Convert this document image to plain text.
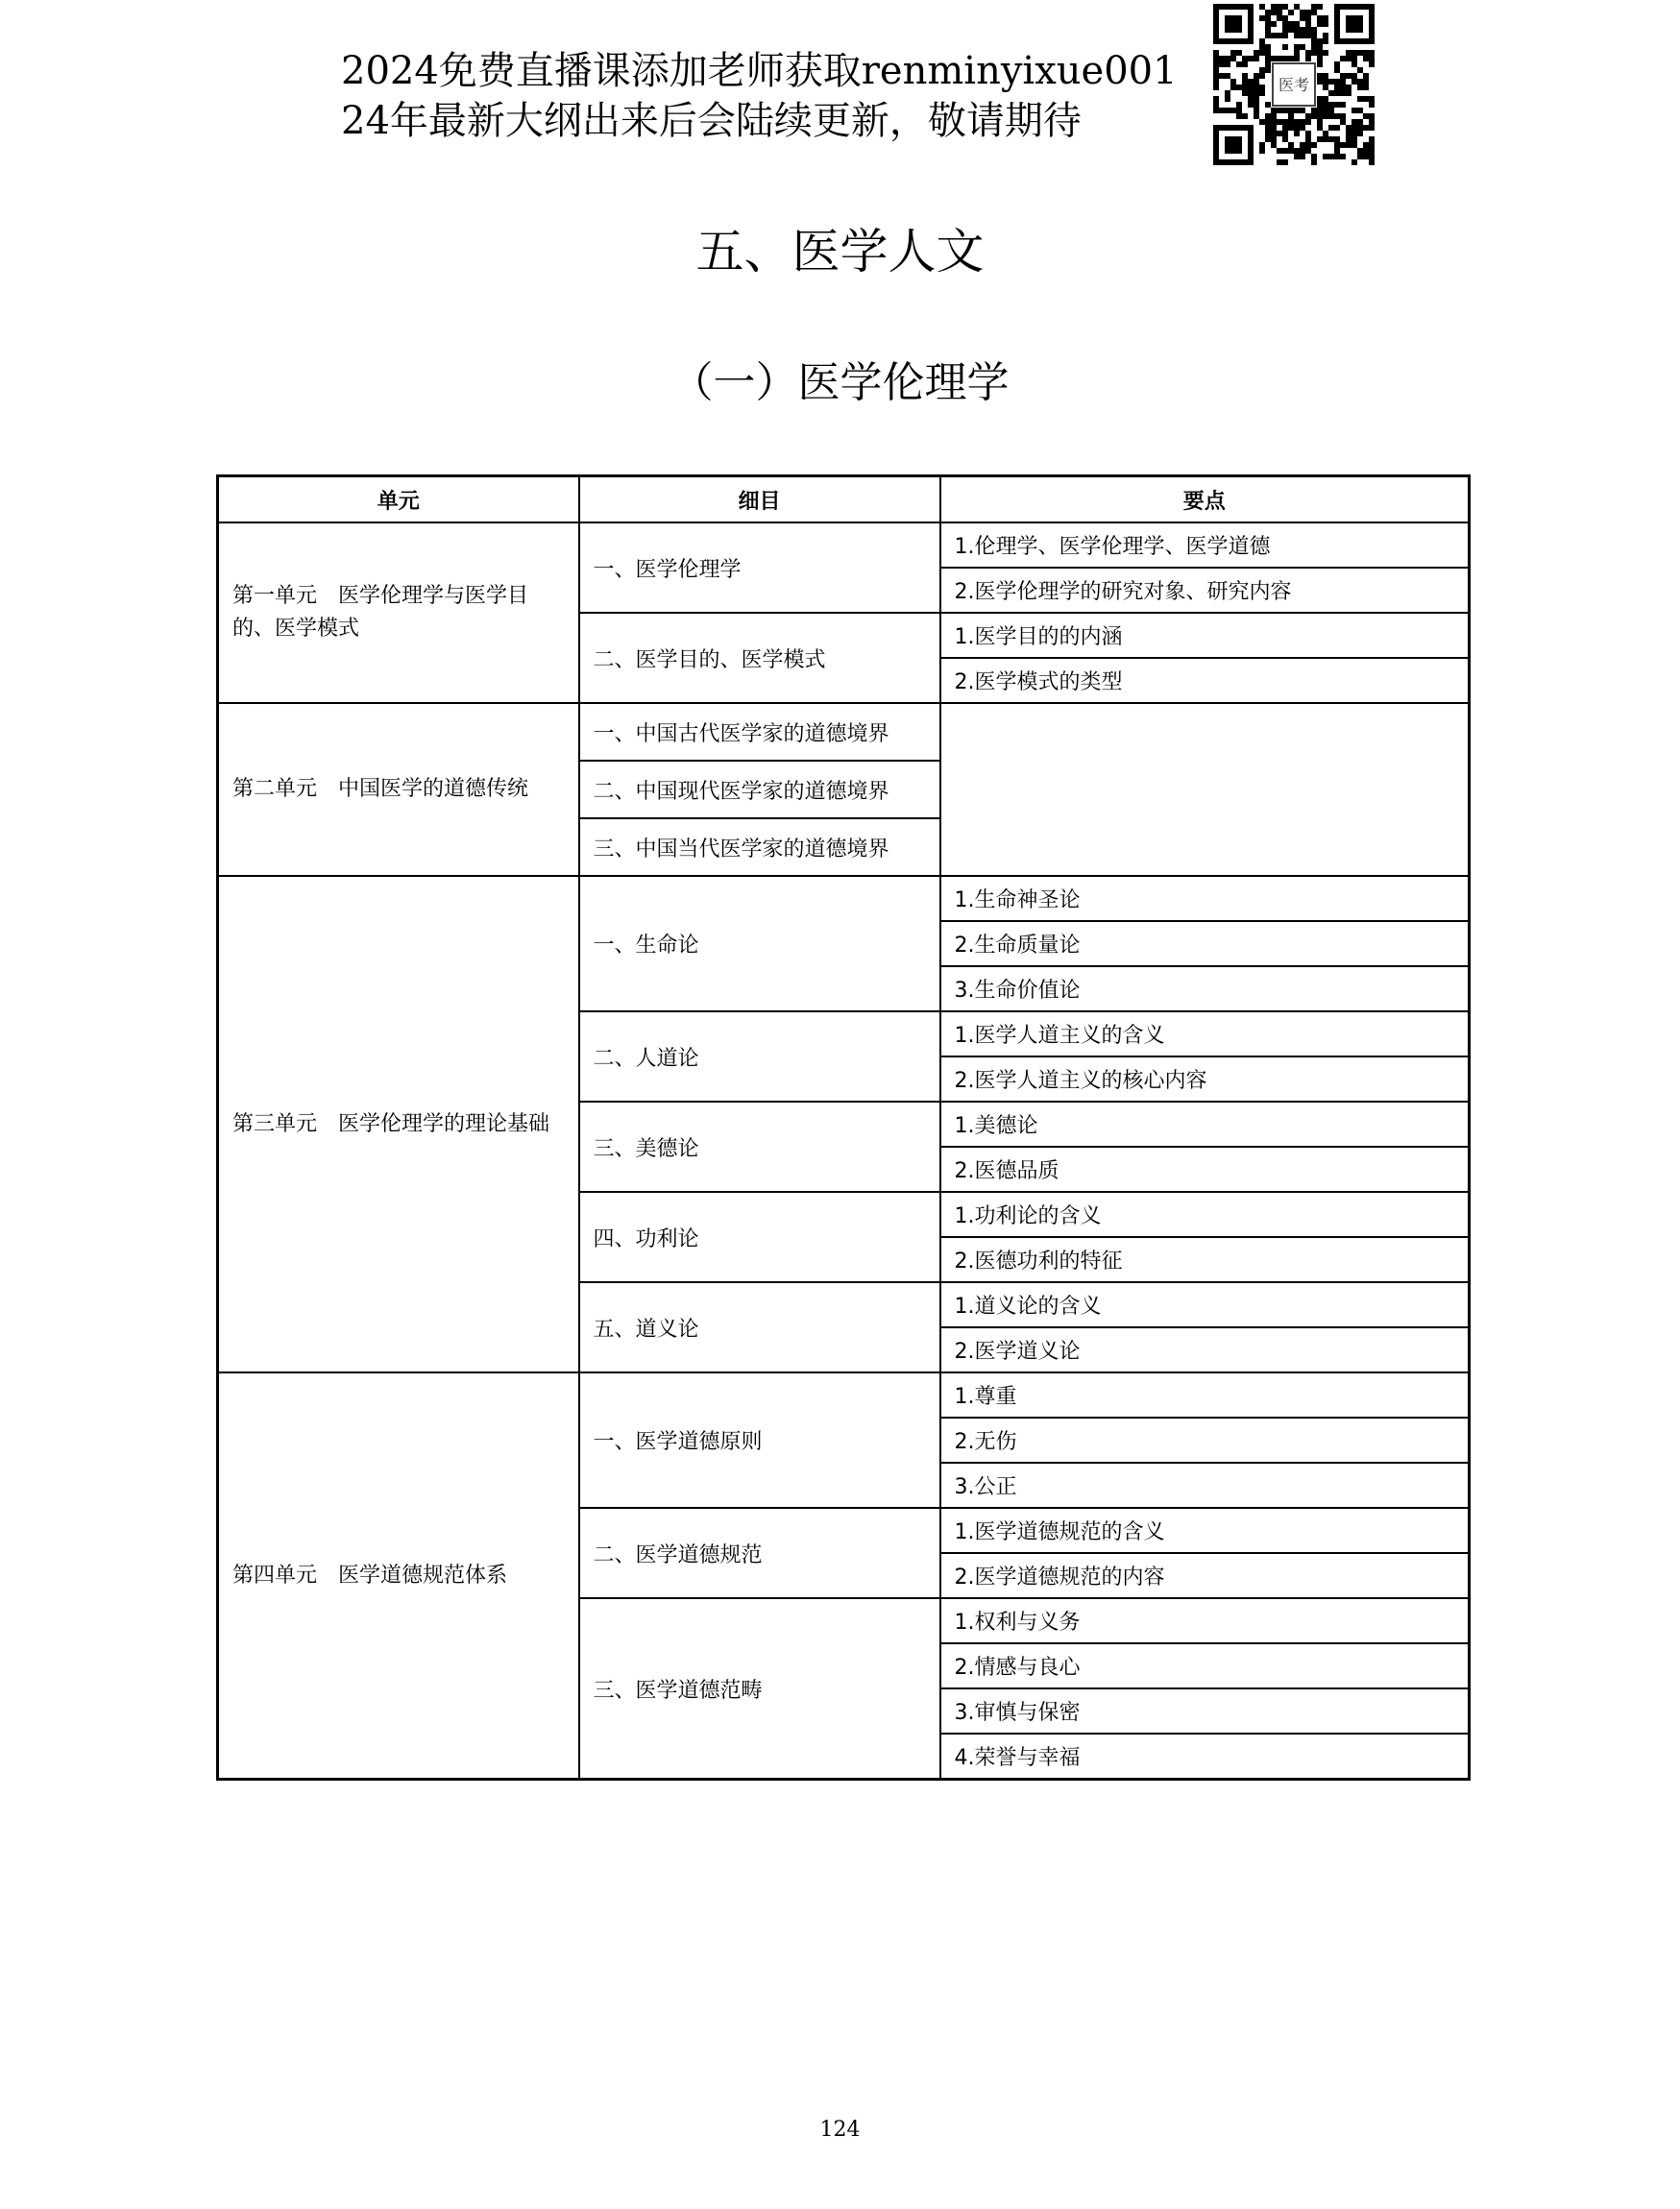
2024免费直播课添加老师获取renminyixue001
24年最新大纲出来后会陆续更新，敬请期待
医考
五、医学人文
（一）医学伦理学
单元	细目	要点
第一单元　医学伦理学与医学目的、医学模式	一、医学伦理学	1.伦理学、医学伦理学、医学道德
		2.医学伦理学的研究对象、研究内容
	二、医学目的、医学模式	1.医学目的的内涵
		2.医学模式的类型
第二单元　中国医学的道德传统	一、中国古代医学家的道德境界	
	二、中国现代医学家的道德境界	
	三、中国当代医学家的道德境界	
第三单元　医学伦理学的理论基础	一、生命论	1.生命神圣论
		2.生命质量论
		3.生命价值论
	二、人道论	1.医学人道主义的含义
		2.医学人道主义的核心内容
	三、美德论	1.美德论
		2.医德品质
	四、功利论	1.功利论的含义
		2.医德功利的特征
	五、道义论	1.道义论的含义
		2.医学道义论
第四单元　医学道德规范体系	一、医学道德原则	1.尊重
		2.无伤
		3.公正
	二、医学道德规范	1.医学道德规范的含义
		2.医学道德规范的内容
	三、医学道德范畴	1.权利与义务
		2.情感与良心
		3.审慎与保密
		4.荣誉与幸福
124
